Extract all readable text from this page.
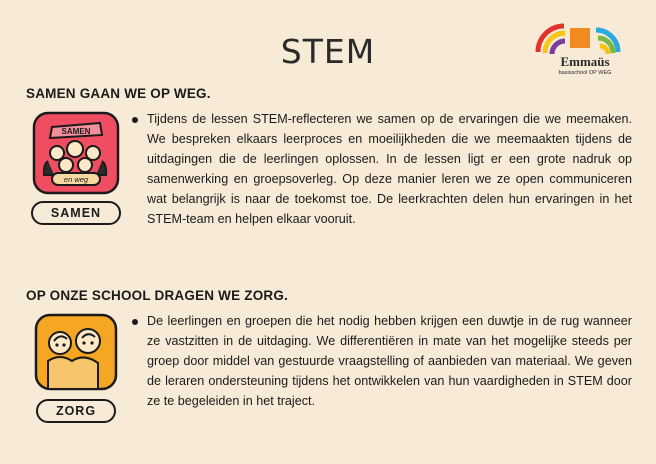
STEM	Emmaüs
basisschool OP WEG
SAMEN GAAN WE OP WEG.
SAMEN
en weg
SAMEN
Tijdens de lessen STEM-reflecteren we samen op de ervaringen die we meemaken. We bespreken elkaars leerproces en moeilijkheden die we meemaakten tijdens de uitdagingen die de leerlingen oplossen. In de lessen ligt er een grote nadruk op samenwerking en groepsoverleg. Op deze manier leren we ze open communiceren wat belangrijk is naar de toekomst toe. De leerkrachten delen hun ervaringen in het STEM-team en helpen elkaar vooruit.
OP ONZE SCHOOL DRAGEN WE ZORG.
ZORG
De leerlingen en groepen die het nodig hebben krijgen een duwtje in de rug wanneer ze vastzitten in de uitdaging. We differentiëren in mate van het mogelijke steeds per groep door middel van gestuurde vraagstelling of aanbieden van materiaal. We geven de leraren ondersteuning tijdens het ontwikkelen van hun vaardigheden in STEM door ze te begeleiden in het traject.
